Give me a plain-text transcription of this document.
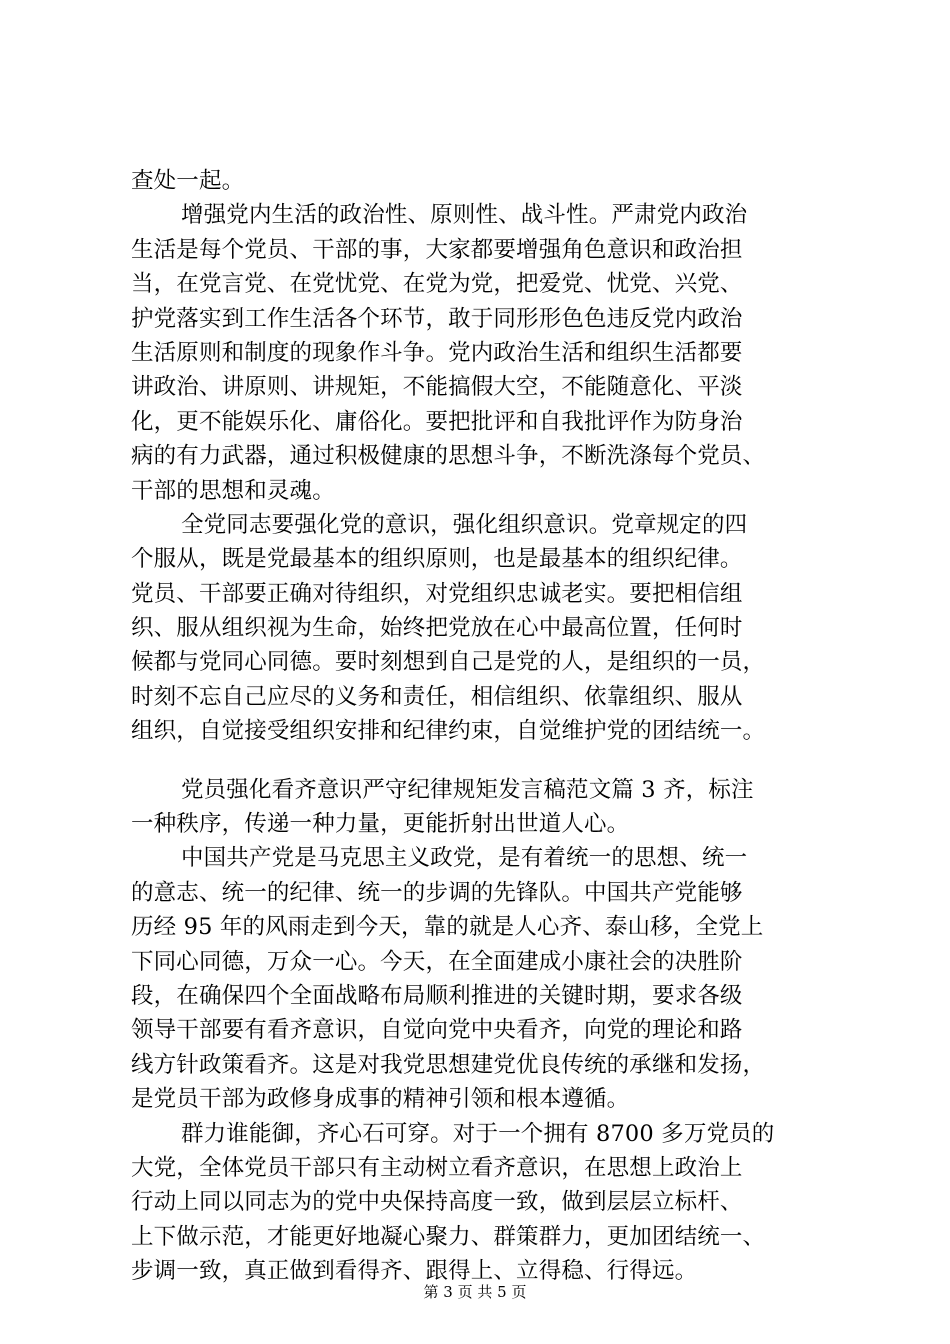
查处一起。
增强党内生活的政治性、原则性、战斗性。严肃党内政治
生活是每个党员、干部的事，大家都要增强角色意识和政治担
当，在党言党、在党忧党、在党为党，把爱党、忧党、兴党、
护党落实到工作生活各个环节，敢于同形形色色违反党内政治
生活原则和制度的现象作斗争。党内政治生活和组织生活都要
讲政治、讲原则、讲规矩，不能搞假大空，不能随意化、平淡
化，更不能娱乐化、庸俗化。要把批评和自我批评作为防身治
病的有力武器，通过积极健康的思想斗争，不断洗涤每个党员、
干部的思想和灵魂。
全党同志要强化党的意识，强化组织意识。党章规定的四
个服从，既是党最基本的组织原则，也是最基本的组织纪律。
党员、干部要正确对待组织，对党组织忠诚老实。要把相信组
织、服从组织视为生命，始终把党放在心中最高位置，任何时
候都与党同心同德。要时刻想到自己是党的人，是组织的一员，
时刻不忘自己应尽的义务和责任，相信组织、依靠组织、服从
组织，自觉接受组织安排和纪律约束，自觉维护党的团结统一。
党员强化看齐意识严守纪律规矩发言稿范文篇 3 齐，标注
一种秩序，传递一种力量，更能折射出世道人心。
中国共产党是马克思主义政党，是有着统一的思想、统一
的意志、统一的纪律、统一的步调的先锋队。中国共产党能够
历经 95 年的风雨走到今天，靠的就是人心齐、泰山移，全党上
下同心同德，万众一心。今天，在全面建成小康社会的决胜阶
段，在确保四个全面战略布局顺利推进的关键时期，要求各级
领导干部要有看齐意识，自觉向党中央看齐，向党的理论和路
线方针政策看齐。这是对我党思想建党优良传统的承继和发扬，
是党员干部为政修身成事的精神引领和根本遵循。
群力谁能御，齐心石可穿。对于一个拥有 8700 多万党员的
大党，全体党员干部只有主动树立看齐意识，在思想上政治上
行动上同以同志为的党中央保持高度一致，做到层层立标杆、
上下做示范，才能更好地凝心聚力、群策群力，更加团结统一、
步调一致，真正做到看得齐、跟得上、立得稳、行得远。
第 3 页 共 5 页
